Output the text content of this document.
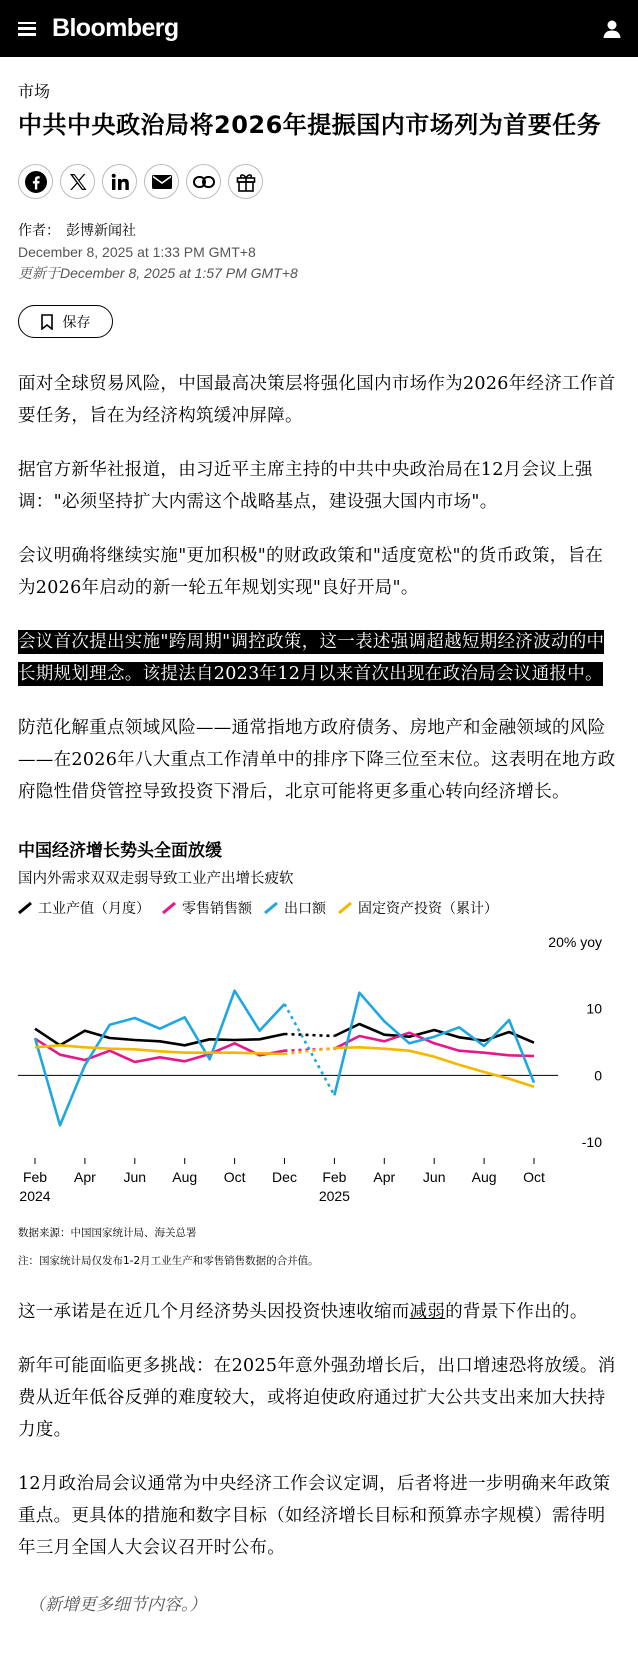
Bloomberg
市场
中共中央政治局将2026年提振国内市场列为首要任务
作者： 彭博新闻社
December 8, 2025 at 1:33 PM GMT+8
更新于December 8, 2025 at 1:57 PM GMT+8
保存

面对全球贸易风险，中国最高决策层将强化国内市场作为2026年经济工作首要任务，旨在为经济构筑缓冲屏障。

据官方新华社报道，由习近平主席主持的中共中央政治局在12月会议上强调："必须坚持扩大内需这个战略基点，建设强大国内市场"。

会议明确将继续实施"更加积极"的财政政策和"适度宽松"的货币政策，旨在为2026年启动的新一轮五年规划实现"良好开局"。

会议首次提出实施"跨周期"调控政策，这一表述强调超越短期经济波动的中长期规划理念。该提法自2023年12月以来首次出现在政治局会议通报中。

防范化解重点领域风险——通常指地方政府债务、房地产和金融领域的风险——在2026年八大重点工作清单中的排序下降三位至末位。这表明在地方政府隐性借贷管控导致投资下滑后，北京可能将更多重心转向经济增长。

中国经济增长势头全面放缓
国内外需求双双走弱导致工业产出增长疲软
工业产值（月度） 零售销售额 出口额 固定资产投资（累计）
20% yoy
10
0
-10
Feb
2024
Apr Jun Aug Oct Dec Feb
2025
Apr Jun Aug Oct
数据来源：中国国家统计局、海关总署
注：国家统计局仅发布1-2月工业生产和零售销售数据的合并值。

这一承诺是在近几个月经济势头因投资快速收缩而减弱的背景下作出的。

新年可能面临更多挑战：在2025年意外强劲增长后，出口增速恐将放缓。消费从近年低谷反弹的难度较大，或将迫使政府通过扩大公共支出来加大扶持力度。

12月政治局会议通常为中央经济工作会议定调，后者将进一步明确来年政策重点。更具体的措施和数字目标（如经济增长目标和预算赤字规模）需待明年三月全国人大会议召开时公布。

（新增更多细节内容。）
